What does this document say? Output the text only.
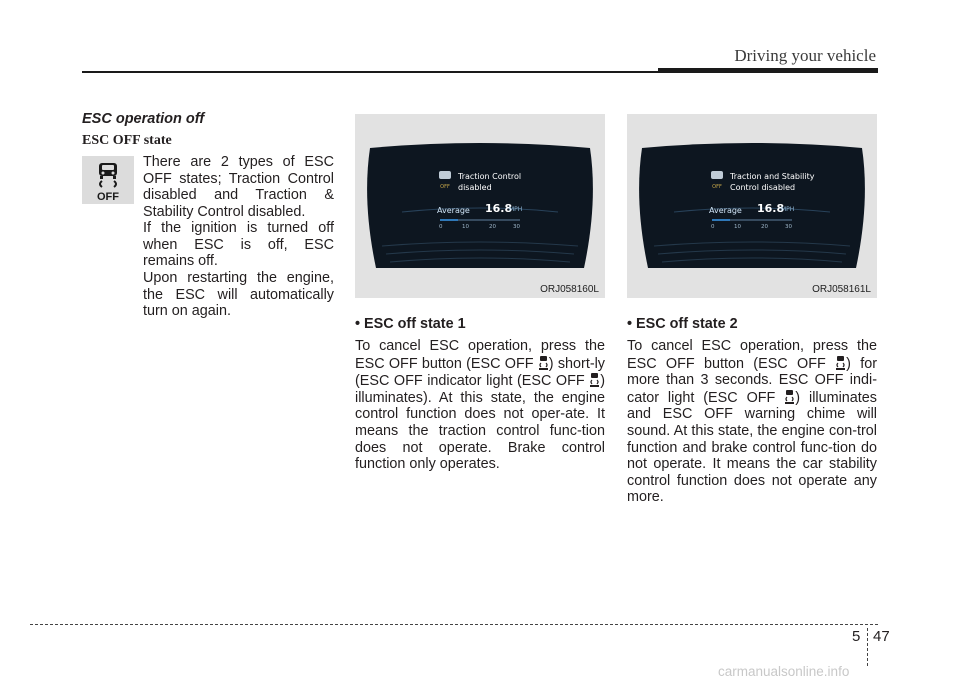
Driving your vehicle
ESC operation off
ESC OFF state
OFF

There are 2 types of ESC OFF states; Traction Control disabled and Traction & Stability Control disabled.

If the ignition is turned off when ESC is off, ESC remains off.

Upon restarting the engine, the ESC will automatically turn on again.

OFF
Traction Control
disabled
Average 16.8
MPH
0	10	20	30
ORJ058160L
OFF
Traction and Stability
Control disabled
Average 16.8
MPH
0	10	20	30
ORJ058161L
• ESC off state 1

To cancel ESC operation, press the ESC OFF button (ESC OFF ) short-ly (ESC OFF indicator light (ESC OFF ) illuminates). At this state, the engine control function does not oper-ate. It means the traction control func-tion does not operate. Brake control function only operates.

• ESC off state 2

To cancel ESC operation, press the ESC OFF button (ESC OFF ) for more than 3 seconds. ESC OFF indi-cator light (ESC OFF ) illuminates and ESC OFF warning chime will sound. At this state, the engine con-trol function and brake control func-tion do not operate. It means the car stability control function does not operate any more.

5 47
carmanualsonline.info
